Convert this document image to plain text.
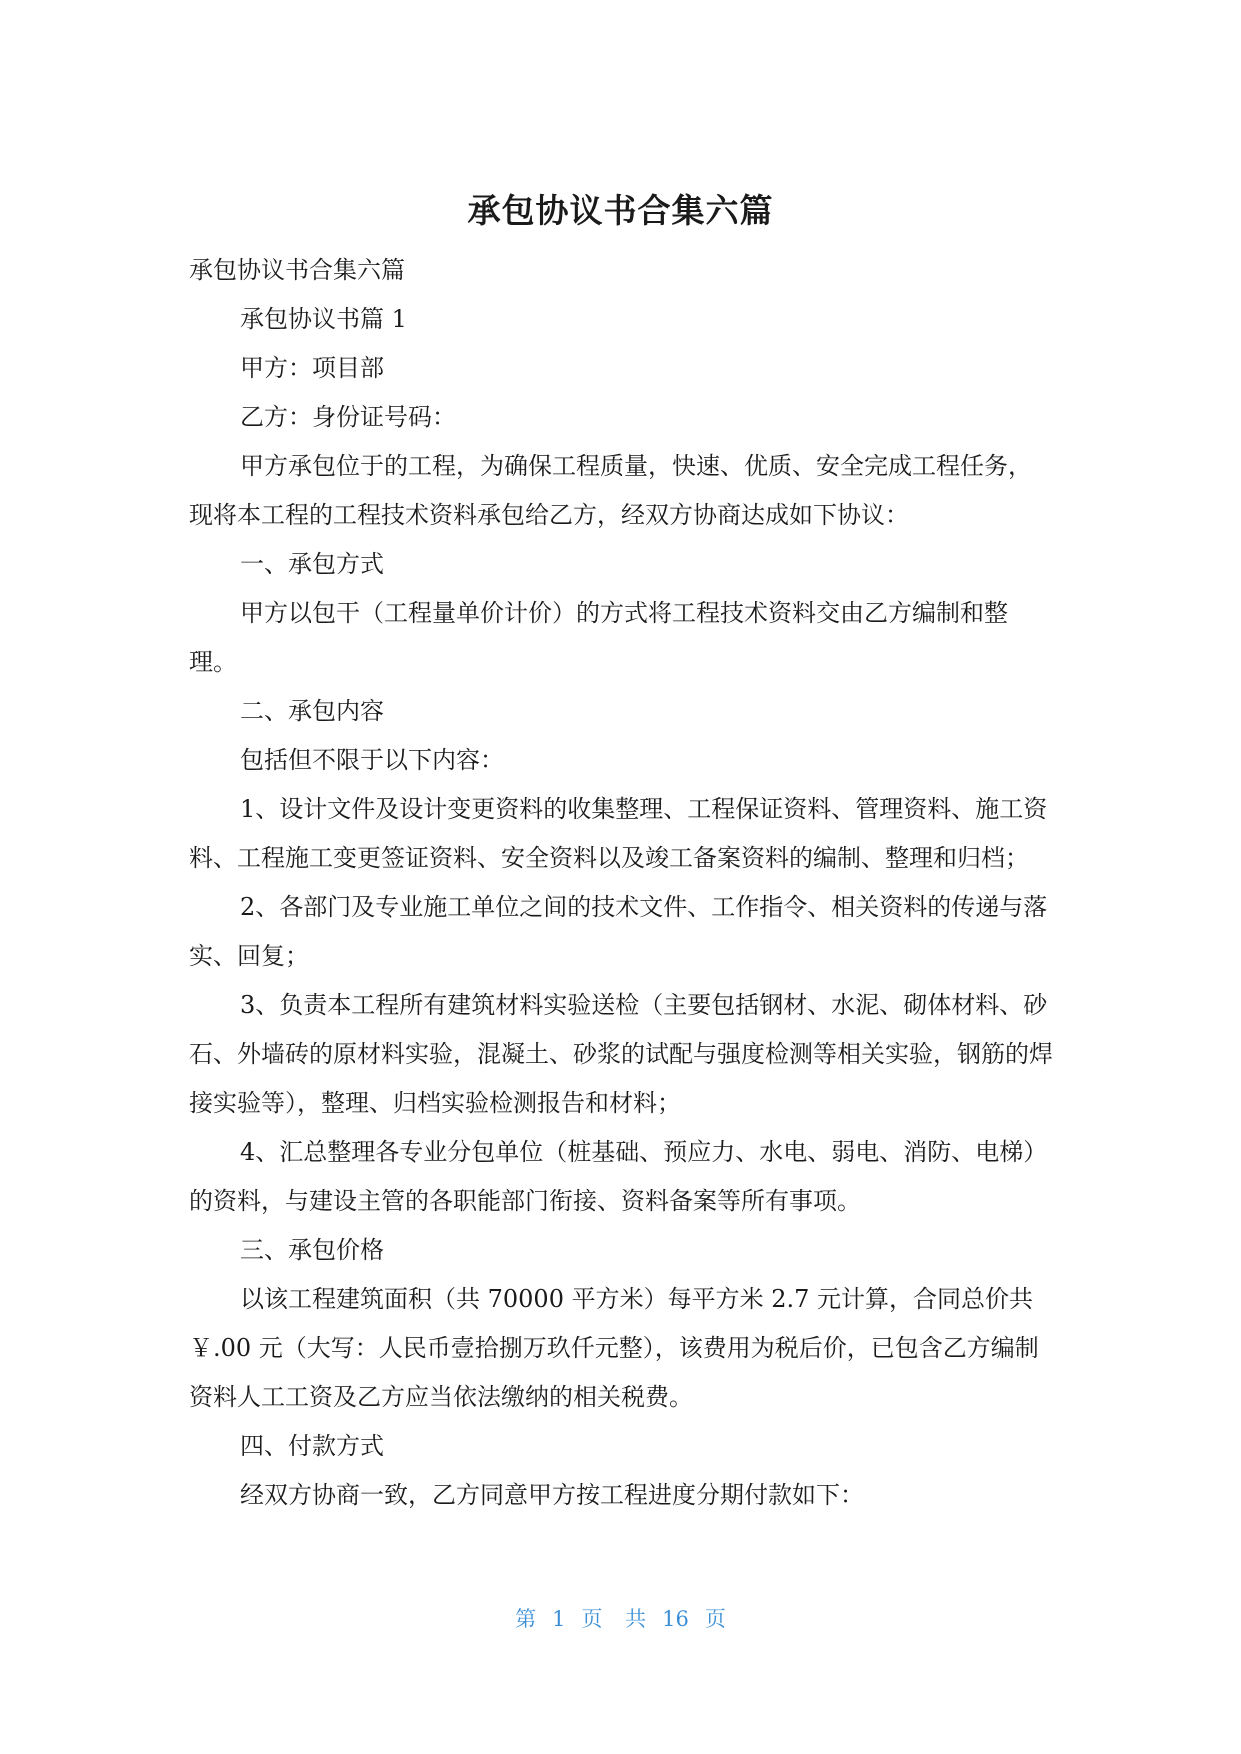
承包协议书合集六篇

承包协议书合集六篇

承包协议书篇 1

甲方：项目部

乙方：身份证号码：

甲方承包位于的工程，为确保工程质量，快速、优质、安全完成工程任务，现将本工程的工程技术资料承包给乙方，经双方协商达成如下协议：

一、承包方式

甲方以包干（工程量单价计价）的方式将工程技术资料交由乙方编制和整理。

二、承包内容

包括但不限于以下内容：

1、设计文件及设计变更资料的收集整理、工程保证资料、管理资料、施工资料、工程施工变更签证资料、安全资料以及竣工备案资料的编制、整理和归档；

2、各部门及专业施工单位之间的技术文件、工作指令、相关资料的传递与落实、回复；

3、负责本工程所有建筑材料实验送检（主要包括钢材、水泥、砌体材料、砂石、外墙砖的原材料实验，混凝土、砂浆的试配与强度检测等相关实验，钢筋的焊接实验等），整理、归档实验检测报告和材料；

4、汇总整理各专业分包单位（桩基础、预应力、水电、弱电、消防、电梯）的资料，与建设主管的各职能部门衔接、资料备案等所有事项。

三、承包价格

以该工程建筑面积（共 70000 平方米）每平方米 2.7 元计算，合同总价共￥.00 元（大写：人民币壹拾捌万玖仟元整），该费用为税后价，已包含乙方编制资料人工工资及乙方应当依法缴纳的相关税费。

四、付款方式

经双方协商一致，乙方同意甲方按工程进度分期付款如下：

第 1 页 共 16 页
